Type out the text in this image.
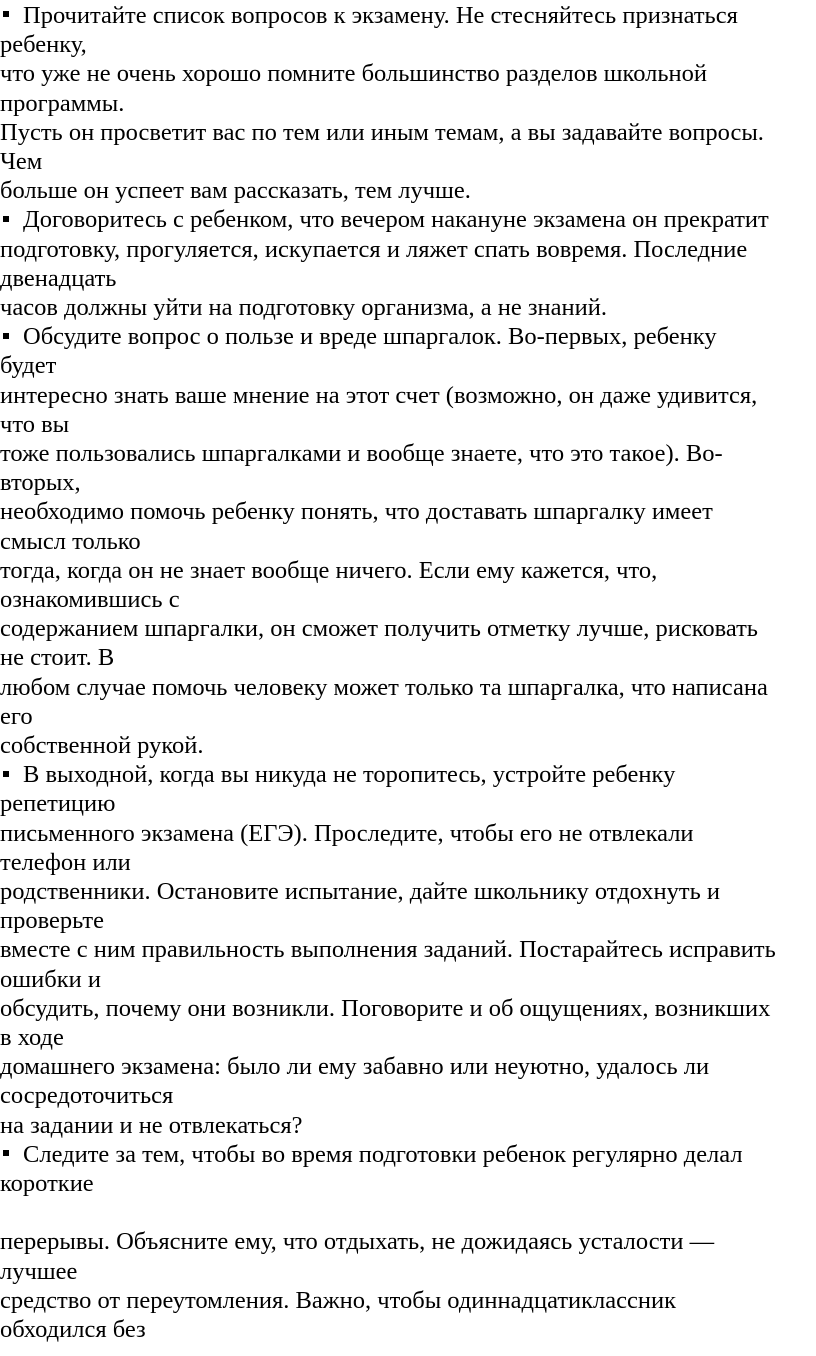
Прочитайте список вопросов к экзамену. Не стесняйтесь признаться
ребенку,
что уже не очень хорошо помните большинство разделов школьной
программы.
Пусть он просветит вас по тем или иным темам, а вы задавайте вопросы.
Чем
больше он успеет вам рассказать, тем лучше.
Договоритесь с ребенком, что вечером накануне экзамена он прекратит
подготовку, прогуляется, искупается и ляжет спать вовремя. Последние
двенадцать
часов должны уйти на подготовку организма, а не знаний.
Обсудите вопрос о пользе и вреде шпаргалок. Во-первых, ребенку
будет
интересно знать ваше мнение на этот счет (возможно, он даже удивится,
что вы
тоже пользовались шпаргалками и вообще знаете, что это такое). Во-
вторых,
необходимо помочь ребенку понять, что доставать шпаргалку имеет
смысл только
тогда, когда он не знает вообще ничего. Если ему кажется, что,
ознакомившись с
содержанием шпаргалки, он сможет получить отметку лучше, рисковать
не стоит. В
любом случае помочь человеку может только та шпаргалка, что написана
его
собственной рукой.
В выходной, когда вы никуда не торопитесь, устройте ребенку
репетицию
письменного экзамена (ЕГЭ). Проследите, чтобы его не отвлекали
телефон или
родственники. Остановите испытание, дайте школьнику отдохнуть и
проверьте
вместе с ним правильность выполнения заданий. Постарайтесь исправить
ошибки и
обсудить, почему они возникли. Поговорите и об ощущениях, возникших
в ходе
домашнего экзамена: было ли ему забавно или неуютно, удалось ли
сосредоточиться
на задании и не отвлекаться?
Следите за тем, чтобы во время подготовки ребенок регулярно делал
короткие
перерывы. Объясните ему, что отдыхать, не дожидаясь усталости —
лучшее
средство от переутомления. Важно, чтобы одиннадцатиклассник
обходился без
